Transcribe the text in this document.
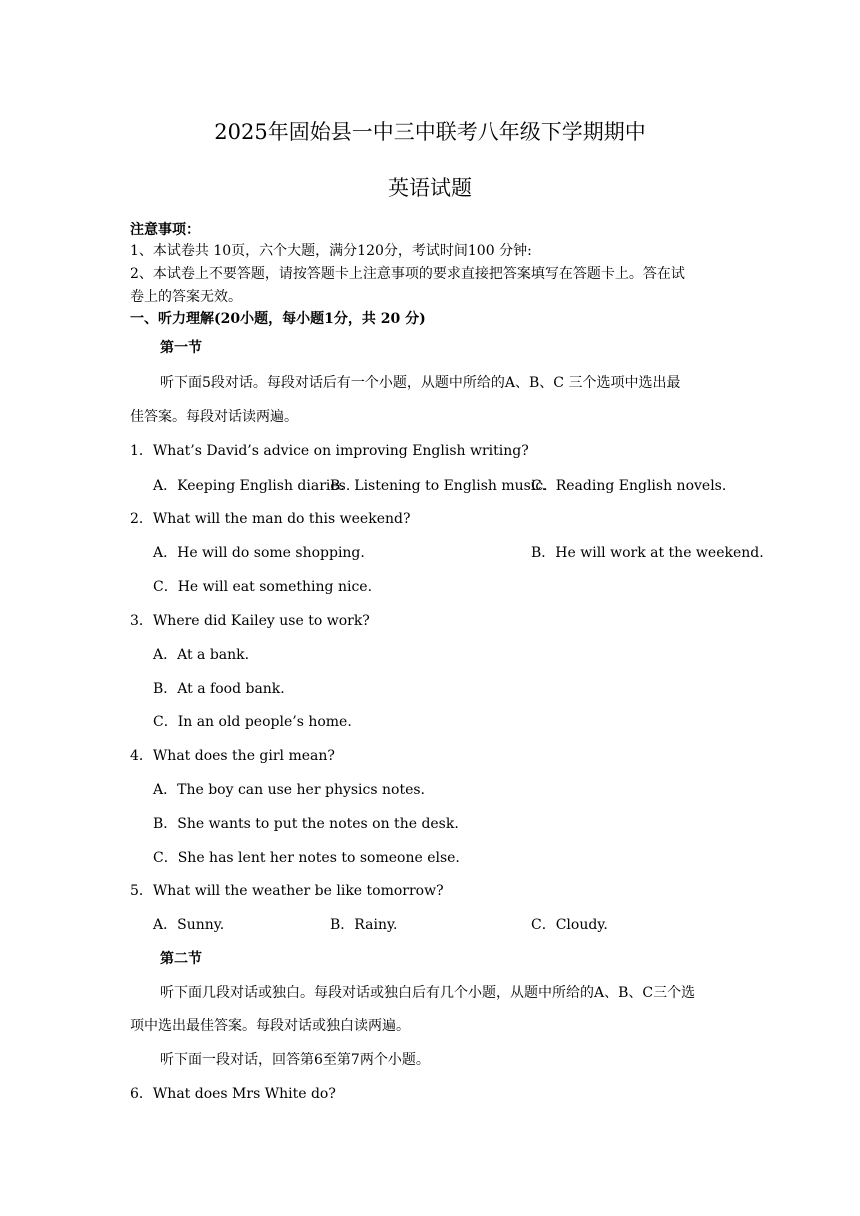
2025年固始县一中三中联考八年级下学期期中
英语试题
注意事项：
1、本试卷共 10页，六个大题，满分120分，考试时间100 分钟:
2、本试卷上不要答题，请按答题卡上注意事项的要求直接把答案填写在答题卡上。答在试
卷上的答案无效。
一、听力理解(20小题，每小题1分，共 20 分)
第一节
听下面5段对话。每段对话后有一个小题，从题中所给的A、B、C 三个选项中选出最
佳答案。每段对话读两遍。
1．What’s David’s advice on improving English writing?
A．Keeping English diaries.
B．Listening to English music.
C．Reading English novels.
2．What will the man do this weekend?
A．He will do some shopping.	B．He will work at the weekend.
C．He will eat something nice.
3．Where did Kailey use to work?
A．At a bank.
B．At a food bank.
C．In an old people’s home.
4．What does the girl mean?
A．The boy can use her physics notes.
B．She wants to put the notes on the desk.
C．She has lent her notes to someone else.
5．What will the weather be like tomorrow?
A．Sunny.	B．Rainy.	C．Cloudy.
第二节
听下面几段对话或独白。每段对话或独白后有几个小题，从题中所给的A、B、C三个选
项中选出最佳答案。每段对话或独白读两遍。
听下面一段对话，回答第6至第7两个小题。
6．What does Mrs White do?
